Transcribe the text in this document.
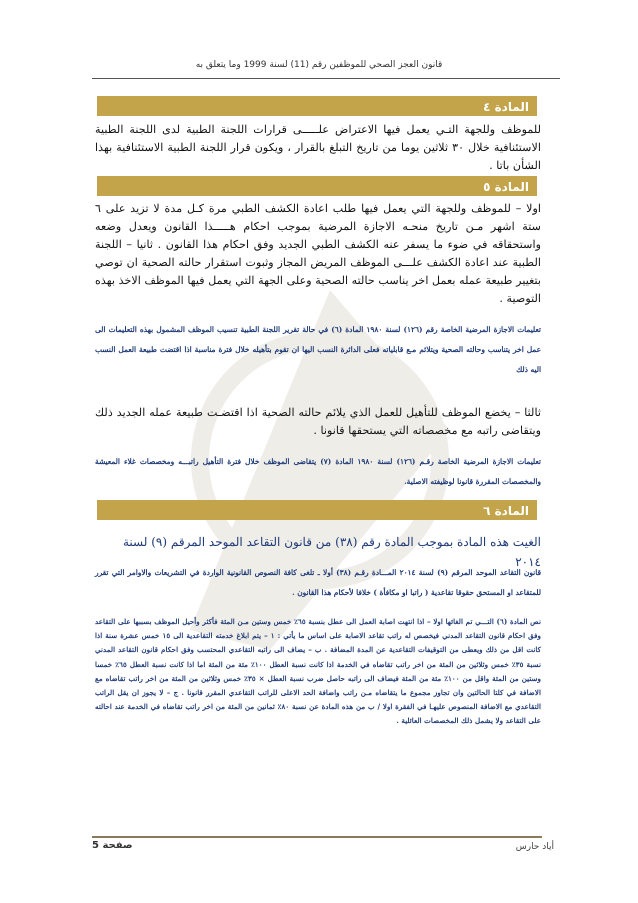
قانون العجز الصحي للموظفين رقم (11) لسنة 1999 وما يتعلق به
المادة ٤
للموظف وللجهة التـي يعمل فيها الاعتراض علـــــى قرارات اللجنة الطبية لدى اللجنة الطبية الاستئنافية خلال ٣٠ ثلاثين يوما من تاريخ التبلغ بالقرار ، ويكون قرار اللجنة الطبية الاستئنافية بهذا الشأن باتا .
المادة ٥
اولا – للموظف وللجهة التي يعمل فيها طلب اعادة الكشف الطبي مرة كـل مدة لا تزيد على ٦ ستة اشهر مـن تاريخ منحـه الاجازة المرضية بموجب احكام هـــــذا القانون ويعدل وضعه واستحقاقه في ضوء ما يسفر عنه الكشف الطبي الجديد وفق احكام هذا القانون . ثانيا – اللجنة الطبية عند اعادة الكشف علـــى الموظف المريض المجاز وثبوت استقرار حالته الصحية ان توصي بتغيير طبيعة عمله بعمل اخر يناسب حالته الصحية وعلى الجهة التي يعمل فيها الموظف الاخذ بهذه التوصية .
تعليمات الاجازة المرضية الخاصة رقم (١٢٦) لسنة ١٩٨٠ المادة (٦) في حالة تقرير اللجنة الطبية تنسيب الموظف المشمول بهذه التعليمات الى عمل اخر يتناسب وحالته الصحية ويتلائم مـع قابلياته فعلى الدائرة النسب اليها ان تقوم بتأهيله خلال فترة مناسبة اذا اقتضت طبيعة العمل النسب اليه ذلك
ثالثا – يخضع الموظف للتأهيل للعمل الذي يلائم حالته الصحية اذا اقتضـت طبيعة عمله الجديد ذلك ويتقاضى راتبه مع مخصصاته التي يستحقها قانونا .
تعليمات الاجازة المرضية الخاصة رقـم (١٢٦) لسنة ١٩٨٠ المادة (٧) يتقاضى الموظف خلال فترة التأهيل راتبـــه ومخصصات غلاء المعيشة والمخصصات المقررة قانونا لوظيفته الاصلية.
المادة ٦
الغيت هذه المادة بموجب المادة رقم (٣٨) من قانون التقاعد الموحد المرقم (٩) لسنة ٢٠١٤
قانون التقاعد الموحد المرقم (٩) لسنة ٢٠١٤ المـــادة رقـم (٣٨) أولا ـ تلغى كافة النصوص القانونية الواردة في التشريعات والاوامر التي تقرر للمتقاعد او المستحق حقوقا تقاعدية ( راتبا او مكافأة ) خلافا لأحكام هذا القانون .
نص المادة (٦) التـــي تم الغائها اولا – اذا انتهت اصابة العمل الى عطل بنسبة ٦٥٪ خمس وستين مـن المئة فأكثر وأحيل الموظف بسببها على التقاعد وفق احكام قانون التقاعد المدني فيخصص له راتب تقاعد الاصابة على اساس ما يأتي : ١ – يتم ابلاغ خدمته التقاعدية الى ١٥ خمس عشرة سنة اذا كانت اقل من ذلك ويعطى من التوقيفات التقاعدية عن المدة المضافة . ب – يضاف الى راتبه التقاعدي المحتسب وفق احكام قانون التقاعد المدني نسبة ٣٥٪ خمس وثلاثين من المئة من اخر راتب تقاضاه في الخدمة اذا كانت نسبة العطل ١٠٠٪ مئة من المئة اما اذا كانت نسبة العطل ٦٥٪ خمسا وستين من المئة واقل من ١٠٠٪ مئة من المئة فيضاف الى راتبه حاصل ضرب نسبة العطل × ٣٥٪ خمس وثلاثين من المئة من اخر راتب تقاضاه مع الاضافة في كلتا الحالتين وان تجاوز مجموع ما يتقاضاه مـن راتب واضافة الحد الاعلى للراتب التقاعدي المقرر قانونا . ج – لا يجوز ان يقل الراتب التقاعدي مع الاضافة المنصوص عليهـا في الفقرة اولا / ب من هذه المادة عن نسبة ٨٠٪ ثمانين من المئة من اخر راتب تقاضاه في الخدمة عند احالته على التقاعد ولا يشمل ذلك المخصصات العائلية .
أياد حارس
صفحة 5
